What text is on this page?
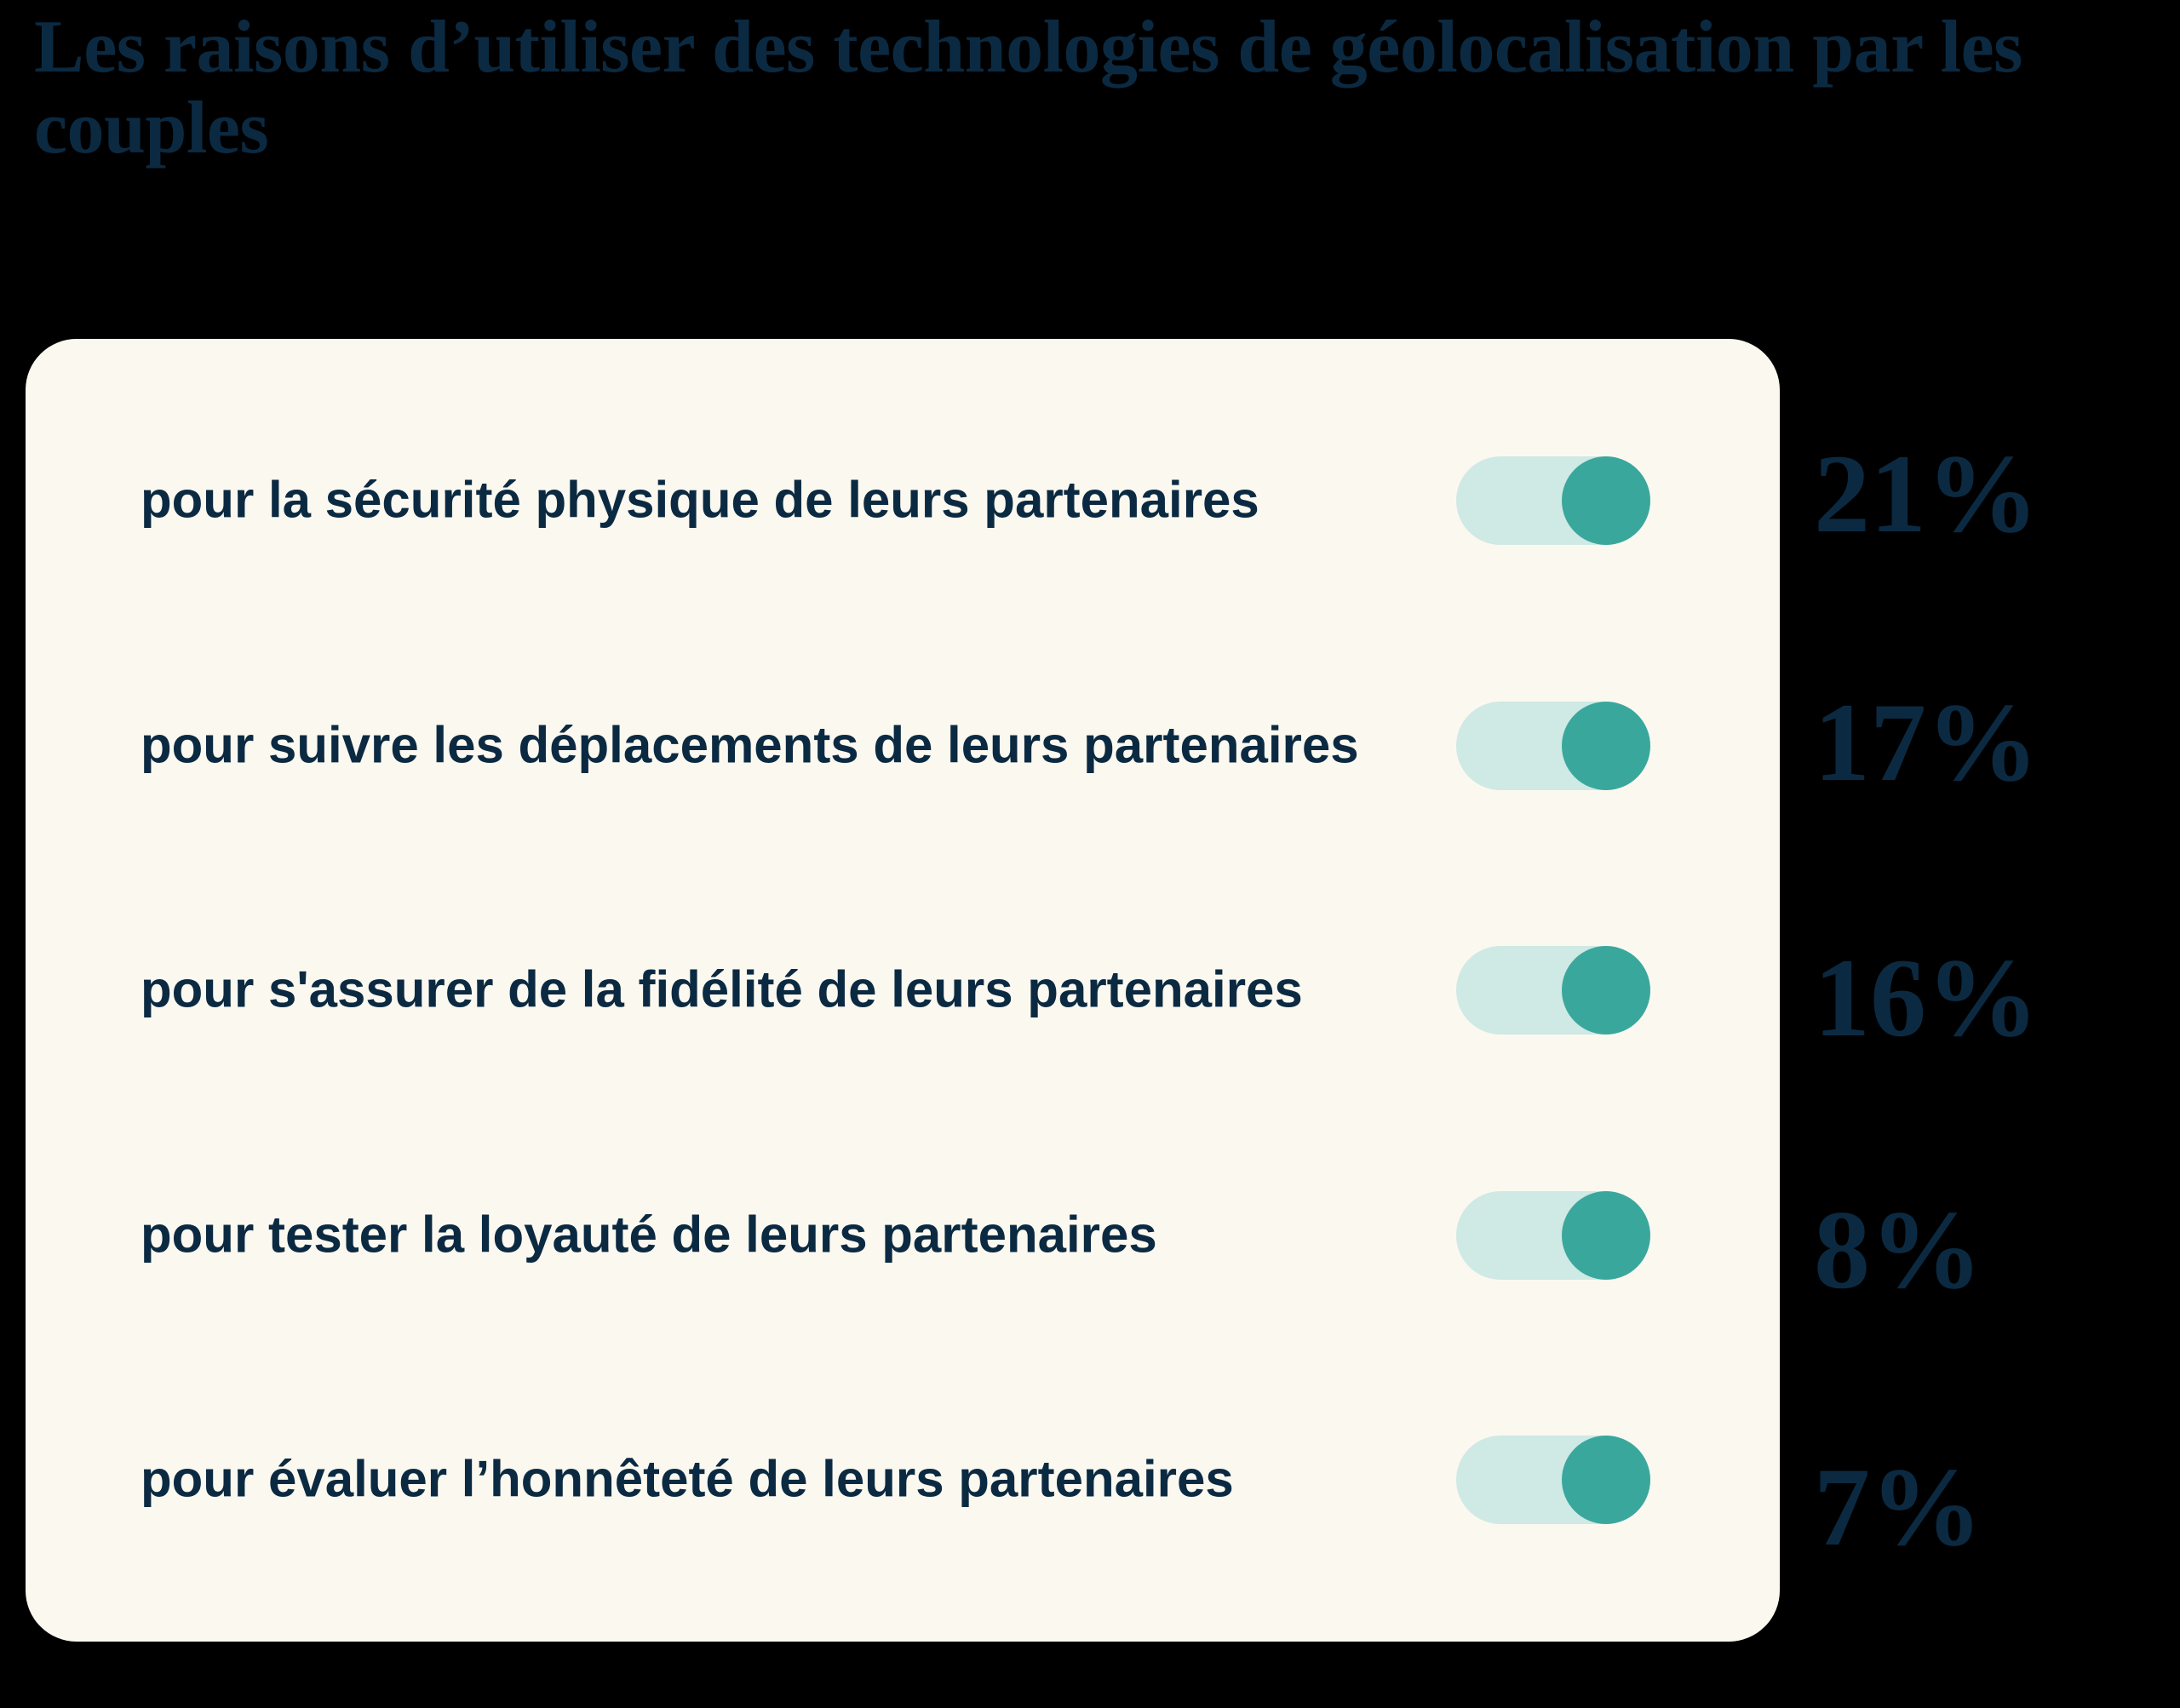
Les raisons d’utiliser des technologies de géolocalisation par les couples
pour la sécurité physique de leurs partenaires
pour suivre les déplacements de leurs partenaires
pour s'assurer de la fidélité de leurs partenaires
pour tester la loyauté de leurs partenaires
pour évaluer l’honnêteté de leurs partenaires
21%
17%
16%
8%
7%
